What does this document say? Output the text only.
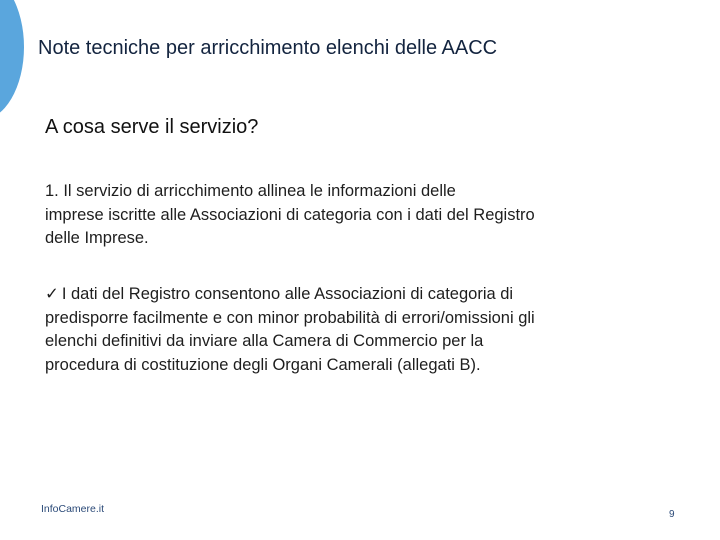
Note tecniche per arricchimento elenchi delle AACC
A cosa serve il servizio?

1. Il servizio di arricchimento allinea le informazioni delle
imprese iscritte alle Associazioni di categoria con i dati del Registro
delle Imprese.

✓ I dati del Registro consentono alle Associazioni di categoria di
predisporre facilmente e con minor probabilità di errori/omissioni gli
elenchi definitivi da inviare alla Camera di Commercio per la
procedura di costituzione degli Organi Camerali (allegati B).

InfoCamere.it	9
